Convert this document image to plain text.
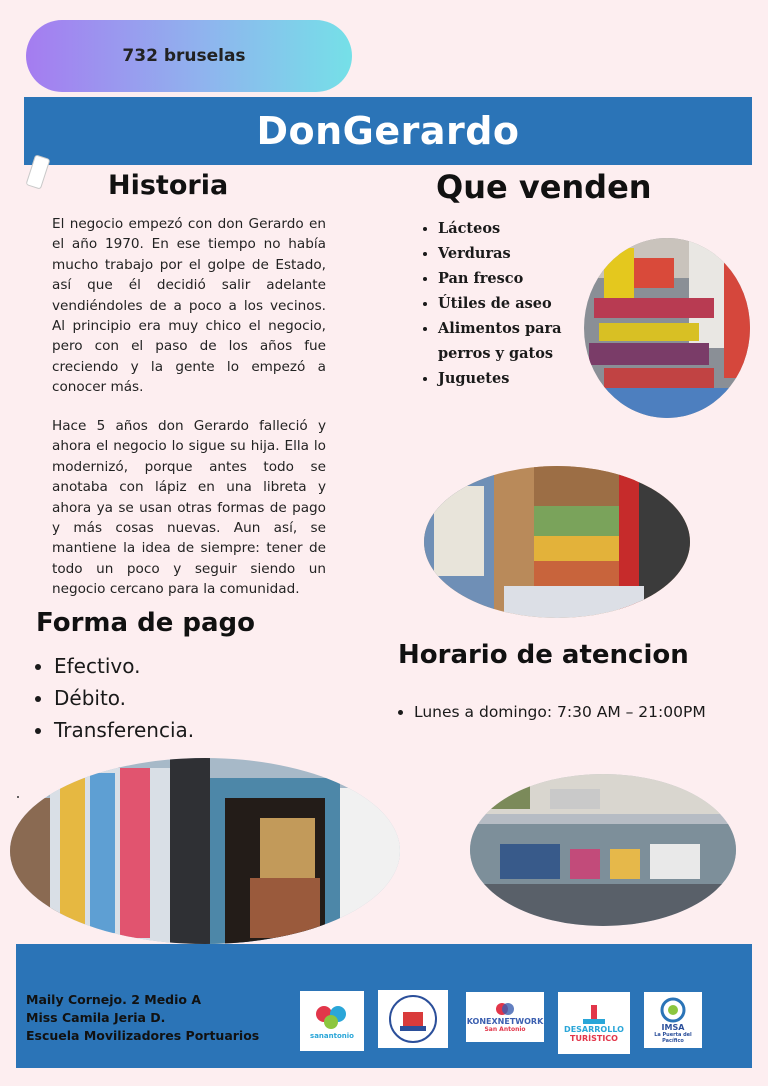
732 bruselas
DonGerardo
Historia

El negocio empezó con don Gerardo en el año 1970. En ese tiempo no había mucho trabajo por el golpe de Estado, así que él decidió salir adelante vendiéndoles de a poco a los vecinos. Al principio era muy chico el negocio, pero con el paso de los años fue creciendo y la gente lo empezó a conocer más.

Hace 5 años don Gerardo falleció y ahora el negocio lo sigue su hija. Ella lo modernizó, porque antes todo se anotaba con lápiz en una libreta y ahora ya se usan otras formas de pago y más cosas nuevas. Aun así, se mantiene la idea de siempre: tener de todo un poco y seguir siendo un negocio cercano para la comunidad.

Que venden
• Lácteos
• Verduras
• Pan fresco
• Útiles de aseo
• Alimentos para perros y gatos
• Juguetes
Forma de pago
• Efectivo.
• Débito.
• Transferencia.
Horario de atencion
• Lunes a domingo: 7:30 AM – 21:00PM

Maily Cornejo. 2 Medio A
Miss Camila Jeria D.
Escuela Movilizadores Portuarios	sanantonio
KONEXNETWORK
San Antonio	DESARROLLO
TURÍSTICO
IMSA
La Puerta del Pacífico
